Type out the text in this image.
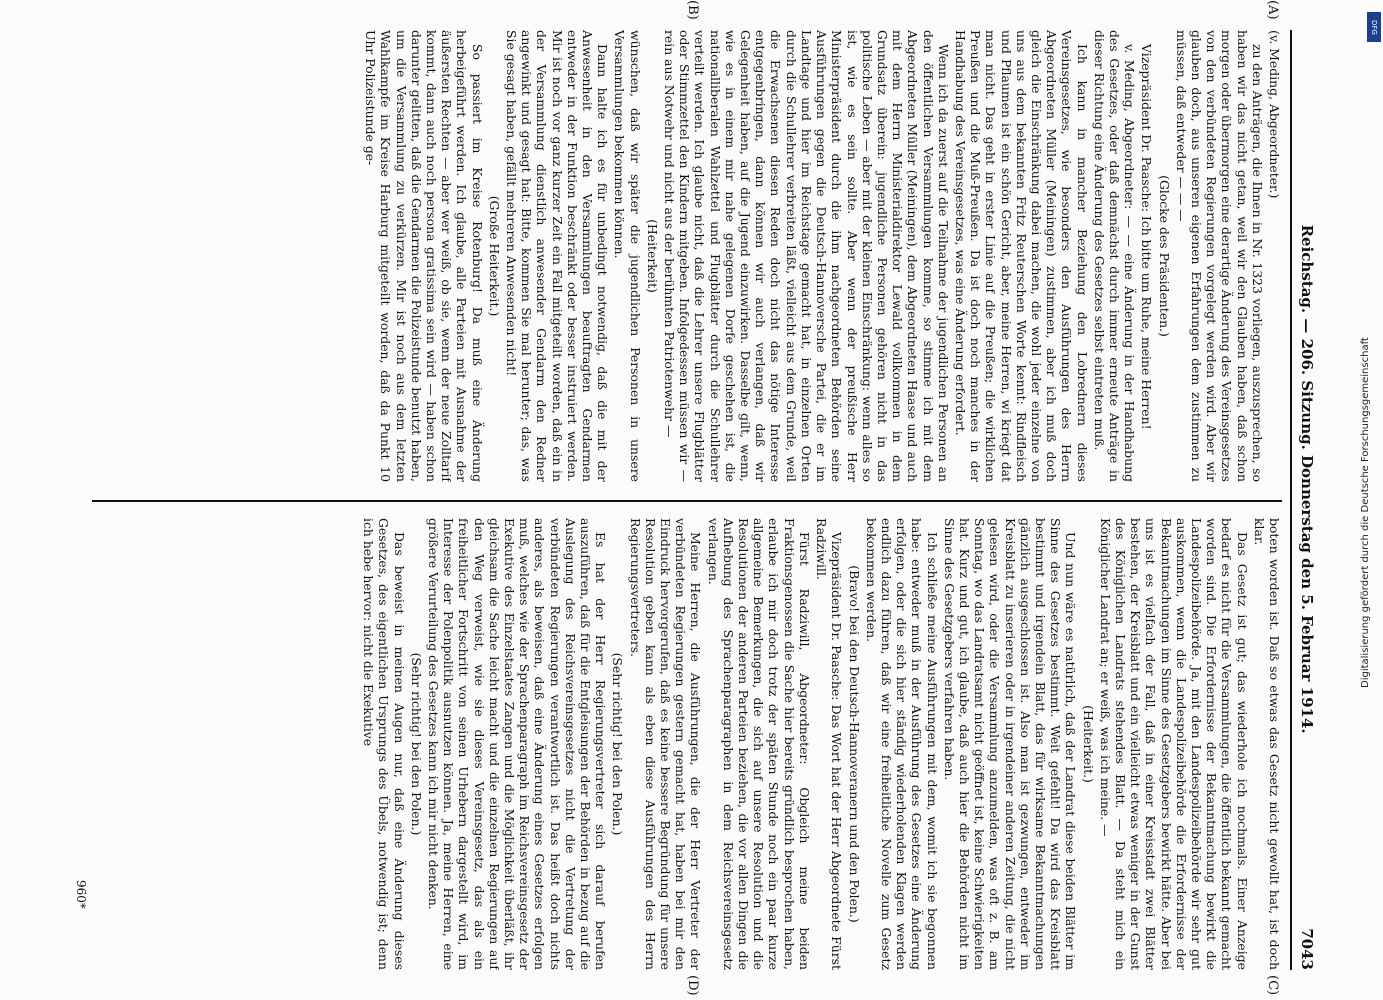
Reichstag. — 206. Sitzung. Donnerstag den 5. Februar 1914.
7043

(v. Meding, Abgeordneter.)

zu den Anträgen, die Ihnen in Nr. 1323 vorliegen, auszusprechen, so haben wir das nicht getan, weil wir den Glauben haben, daß schon morgen oder übermorgen eine derartige Änderung des Vereinsgesetzes von den verbündeten Regierungen vorgelegt werden wird. Aber wir glauben doch, aus unseren eigenen Erfahrungen dem zustimmen zu müssen, daß entweder — — —

(Glocke des Präsidenten.)

Vizepräsident Dr. Paasche: Ich bitte um Ruhe, meine Herren!

v. Meding, Abgeordneter: — — eine Änderung in der Handhabung des Gesetzes, oder daß demnächst durch immer erneute Anträge in dieser Richtung eine Änderung des Gesetzes selbst eintreten muß.

Ich kann in mancher Beziehung den Lobrednern dieses Vereinsgesetzes, wie besonders den Ausführungen des Herrn Abgeordneten Müller (Meiningen) zustimmen, aber ich muß doch gleich die Einschränkung dabei machen, die wohl jeder einzelne von uns aus dem bekannten Fritz Reuterschen Worte kennt: Rindfleisch und Pflaumen ist ein schön Gericht, aber, meine Herren, wi kriegt dat man nicht. Das geht in erster Linie auf die Preußen; die wirklichen Preußen und die Muß-Preußen. Da ist doch noch manches in der Handhabung des Vereinsgesetzes, was eine Änderung erfordert.

Wenn ich da zuerst auf die Teilnahme der jugendlichen Personen an den öffentlichen Versammlungen komme, so stimme ich mit dem Abgeordneten Müller (Meiningen), dem Abgeordneten Haase und auch mit dem Herrn Ministerialdirektor Lewald vollkommen in dem Grundsatz überein: jugendliche Personen gehören nicht in das politische Leben — aber mit der kleinen Einschränkung: wenn alles so ist, wie es sein sollte. Aber wenn der preußische Herr Ministerpräsident durch die ihm nachgeordneten Behörden seine Ausführungen gegen die Deutsch-Hannoversche Partei, die er im Landtage und hier im Reichstage gemacht hat, in einzelnen Orten durch die Schullehrer verbreiten läßt, vielleicht aus dem Grunde, weil die Erwachsenen diesen Reden doch nicht das nötige Interesse entgegenbringen, dann können wir auch verlangen, daß wir Gelegenheit haben, auf die Jugend einzuwirken. Dasselbe gilt, wenn, wie es in einem mir nahe gelegenen Dorfe geschehen ist, die nationalliberalen Wahlzettel und Flugblätter durch die Schullehrer verteilt werden. Ich glaube nicht, daß die Lehrer unsere Flugblätter oder Stimmzettel den Kindern mitgeben. Infolgedessen müssen wir — rein aus Notwehr und nicht aus der berühmten Patriotenwehr —

(Heiterkeit)

wünschen, daß wir später die jugendlichen Personen in unsere Versammlungen bekommen können.

Dann halte ich es für unbedingt notwendig, daß die mit der Anwesenheit in den Versammlungen beauftragten Gendarmen entweder in der Funktion beschränkt oder besser instruiert werden. Mir ist noch vor ganz kurzer Zeit ein Fall mitgeteilt worden, daß ein in der Versammlung dienstlich anwesender Gendarm den Redner angewinkt und gesagt hat: Bitte, kommen Sie mal herunter; das, was Sie gesagt haben, gefällt mehreren Anwesenden nicht!

(Große Heiterkeit.)

So passiert im Kreise Rotenburg! Da muß eine Änderung herbeigeführt werden. Ich glaube, alle Parteien mit Ausnahme der äußersten Rechten — aber wer weiß, ob sie, wenn der neue Zolltarif kommt, dann auch noch persona gratissima sein wird — haben schon darunter gelitten, daß die Gendarmen die Polizeistunde benutzt haben, um die Versammlung zu verkürzen. Mir ist noch aus dem letzten Wahlkampfe im Kreise Harburg mitgeteilt worden, daß da Punkt 10 Uhr Polizeistunde ge-

boten worden ist. Daß so etwas das Gesetz nicht gewollt hat, ist doch klar.

Das Gesetz ist gut; das wiederhole ich nochmals. Einer Anzeige bedarf es nicht für die Versammlungen, die öffentlich bekannt gemacht worden sind. Die Erfordernisse der Bekanntmachung bewirkt die Landespolizeibehörde. Ja, mit den Landespolizeibehörde wir sehr gut auskommen, wenn die Landespolizeibehörde die Erfordernisse der Bekanntmachungen im Sinne des Gesetzgebers bewirkt hätte. Aber bei uns ist es vielfach der Fall, daß in einer Kreisstadt zwei Blätter bestehen, der Kreisblatt und ein vielleicht etwas weniger in der Gunst des Königlichen Landrats stehendes Blatt. — Da steht mich ein Königlicher Landrat an; er weiß, was ich meine. —

(Heiterkeit.)

Und nun wäre es natürlich, daß der Landrat diese beiden Blätter im Sinne des Gesetzes bestimmt. Weit gefehlt! Da wird das Kreisblatt bestimmt und irgendein Blatt, das für wirksame Bekanntmachungen gänzlich ausgeschlossen ist. Also man ist gezwungen, entweder im Kreisblatt zu inserieren oder in irgendeiner anderen Zeitung, die nicht gelesen wird, oder die Versammlung anzumelden, was oft z. B. am Sonntag, wo das Landratsamt nicht geöffnet ist, keine Schwierigkeiten hat. Kurz und gut, ich glaube, daß auch hier die Behörden nicht im Sinne des Gesetzgebers verfahren haben.

Ich schließe meine Ausführungen mit dem, womit ich sie begonnen habe: entweder muß in der Ausführung des Gesetzes eine Änderung erfolgen, oder die sich hier ständig wiederholenden Klagen werden endlich dazu führen, daß wir eine freiheitliche Novelle zum Gesetz bekommen werden.

(Bravo! bei den Deutsch-Hannoveranern und den Polen.)

Vizepräsident Dr. Paasche: Das Wort hat der Herr Abgeordnete Fürst Radziwill.

Fürst Radziwill, Abgeordneter: Obgleich meine beiden Fraktionsgenossen die Sache hier bereits gründlich besprochen haben, erlaube ich mir doch trotz der späten Stunde noch ein paar kurze allgemeine Bemerkungen, die sich auf unsere Resolution und die Resolutionen der anderen Parteien beziehen, die vor allen Dingen die Aufhebung des Sprachenparagraphen in dem Reichsvereinsgesetz verlangen.

Meine Herren, die Ausführungen, die der Herr Vertreter der verbündeten Regierungen gestern gemacht hat, haben bei mir den Eindruck hervorgerufen, daß es keine bessere Begründung für unsere Resolution geben kann als eben diese Ausführungen des Herrn Regierungsvertreters.

(Sehr richtig! bei den Polen.)

Es hat der Herr Regierungsvertreter sich darauf berufen auszuführen, daß für die Entgleisungen der Behörden in bezug auf die Auslegung des Reichsvereinsgesetzes nicht die Vertretung der verbündeten Regierungen verantwortlich ist. Das heißt doch nichts anderes, als beweisen, daß eine Änderung eines Gesetzes erfolgen muß, welches wie der Sprachenparagraph im Reichsvereinsgesetz der Exekutive des Einzelstaates Zangen und die Möglichkeit überläßt, ihr gleichsam die Sache leicht macht und die einzelnen Regierungen auf den Weg verweist, wie sie dieses Vereinsgesetz, das als ein freiheitlicher Fortschritt von seinen Urhebern dargestellt wird, im Interesse der Polenpolitik ausnutzen können. Ja, meine Herren, eine größere Verurteilung des Gesetzes kann ich mir nicht denken.

(Sehr richtig! bei den Polen.)

Das beweist in meinen Augen nur, daß eine Änderung dieses Gesetzes, des eigentlichen Ursprungs des Übels, notwendig ist; denn ich hebe hervor: nicht die Exekutive

(A)
(B)
(C)
(D)
960*
DFG
Digitalisierung gefördert durch die Deutsche Forschungsgemeinschaft
